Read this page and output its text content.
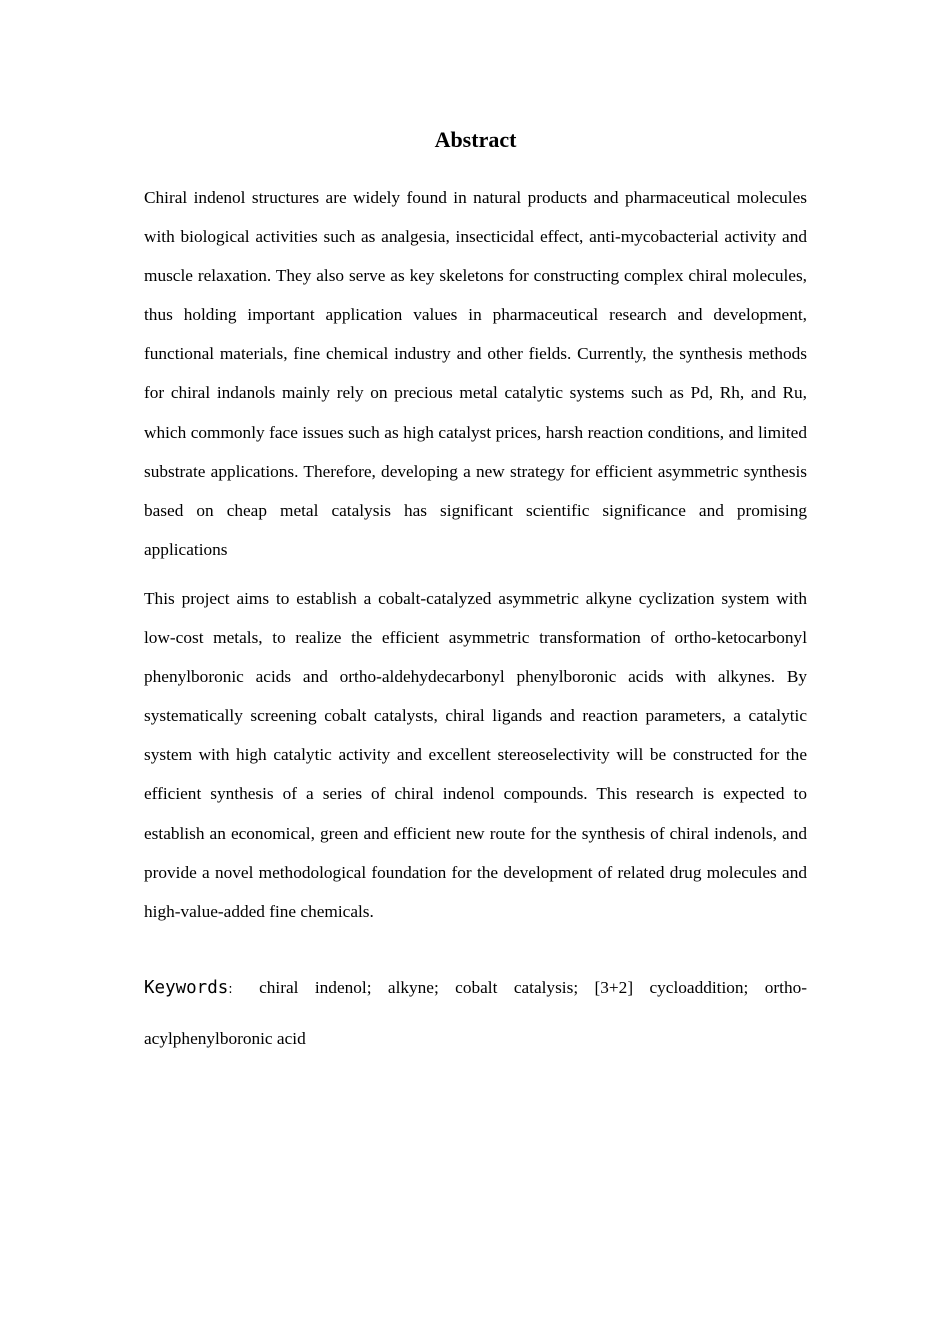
Abstract

Chiral indenol structures are widely found in natural products and pharmaceutical molecules with biological activities such as analgesia, insecticidal effect, anti-mycobacterial activity and muscle relaxation. They also serve as key skeletons for constructing complex chiral molecules, thus holding important application values in pharmaceutical research and development, functional materials, fine chemical industry and other fields. Currently, the synthesis methods for chiral indanols mainly rely on precious metal catalytic systems such as Pd, Rh, and Ru, which commonly face issues such as high catalyst prices, harsh reaction conditions, and limited substrate applications. Therefore, developing a new strategy for efficient asymmetric synthesis based on cheap metal catalysis has significant scientific significance and promising applications

This project aims to establish a cobalt-catalyzed asymmetric alkyne cyclization system with low-cost metals, to realize the efficient asymmetric transformation of ortho-ketocarbonyl phenylboronic acids and ortho-aldehydecarbonyl phenylboronic acids with alkynes. By systematically screening cobalt catalysts, chiral ligands and reaction parameters, a catalytic system with high catalytic activity and excellent stereoselectivity will be constructed for the efficient synthesis of a series of chiral indenol compounds. This research is expected to establish an economical, green and efficient new route for the synthesis of chiral indenols, and provide a novel methodological foundation for the development of related drug molecules and high-value-added fine chemicals.

Keywords: chiral indenol; alkyne; cobalt catalysis; [3+2] cycloaddition; ortho-acylphenylboronic acid
